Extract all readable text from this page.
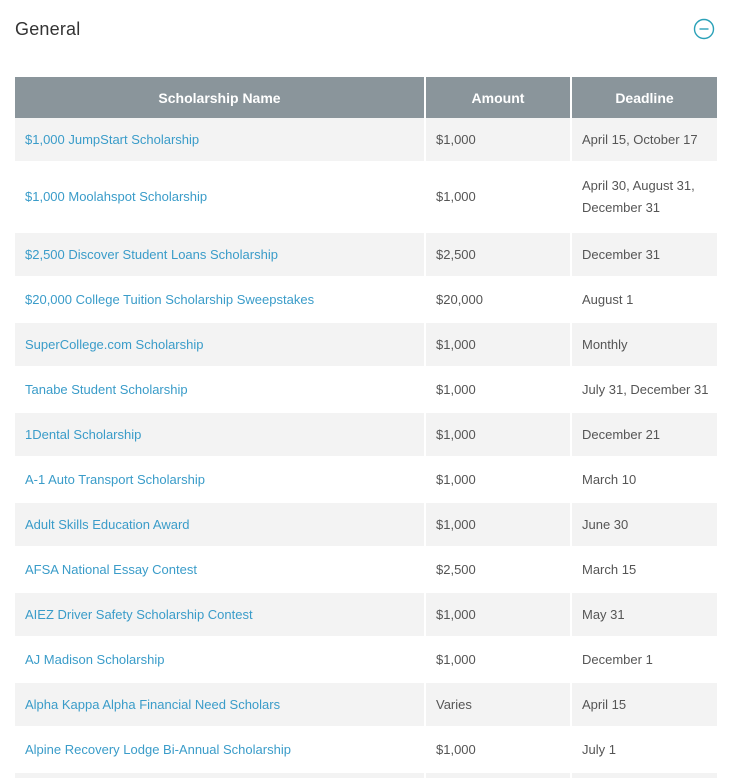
General
Scholarship Name	Amount	Deadline
$1,000 JumpStart Scholarship	$1,000	April 15, October 17
$1,000 Moolahspot Scholarship	$1,000	April 30, August 31, December 31
$2,500 Discover Student Loans Scholarship	$2,500	December 31
$20,000 College Tuition Scholarship Sweepstakes	$20,000	August 1
SuperCollege.com Scholarship	$1,000	Monthly
Tanabe Student Scholarship	$1,000	July 31, December 31
1Dental Scholarship	$1,000	December 21
A-1 Auto Transport Scholarship	$1,000	March 10
Adult Skills Education Award	$1,000	June 30
AFSA National Essay Contest	$2,500	March 15
AIEZ Driver Safety Scholarship Contest	$1,000	May 31
AJ Madison Scholarship	$1,000	December 1
Alpha Kappa Alpha Financial Need Scholars	Varies	April 15
Alpine Recovery Lodge Bi-Annual Scholarship	$1,000	July 1
